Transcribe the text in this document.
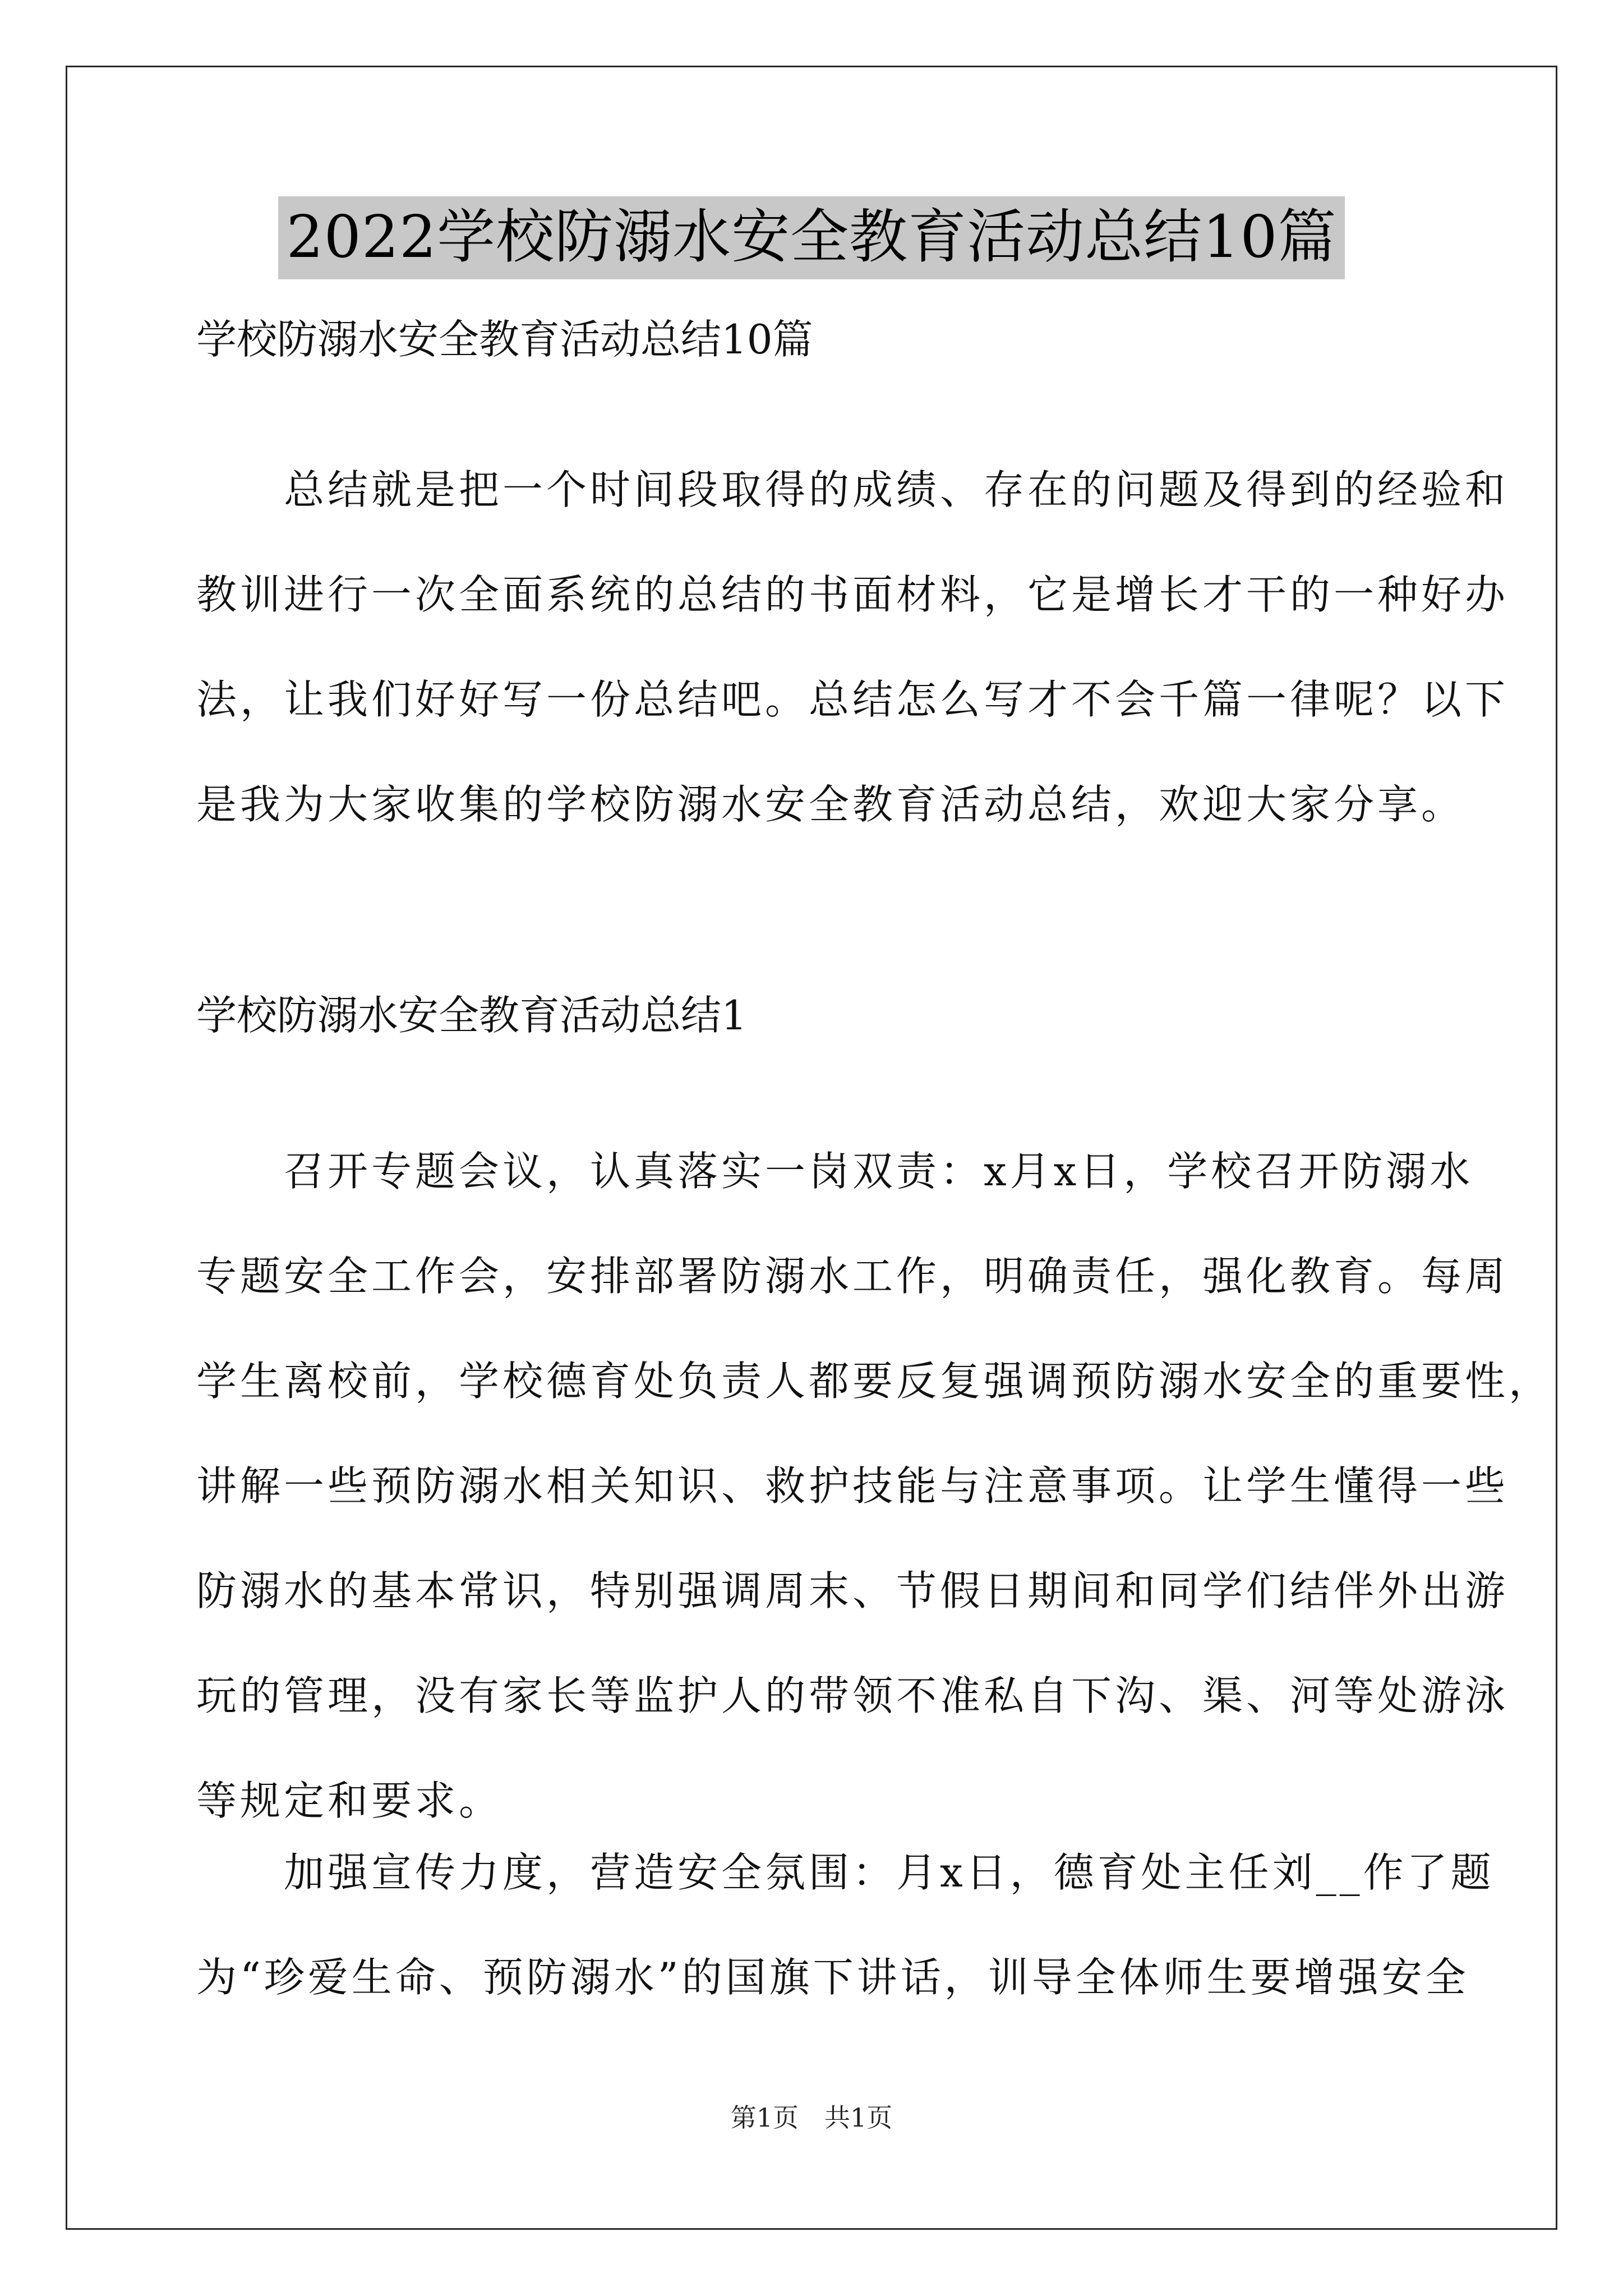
2022学校防溺水安全教育活动总结10篇
学校防溺水安全教育活动总结10篇
　　总结就是把一个时间段取得的成绩、存在的问题及得到的经验和
教训进行一次全面系统的总结的书面材料，它是增长才干的一种好办
法，让我们好好写一份总结吧。总结怎么写才不会千篇一律呢？以下
是我为大家收集的学校防溺水安全教育活动总结，欢迎大家分享。
学校防溺水安全教育活动总结1
　　召开专题会议，认真落实一岗双责：x月x日，学校召开防溺水
专题安全工作会，安排部署防溺水工作，明确责任，强化教育。每周
学生离校前，学校德育处负责人都要反复强调预防溺水安全的重要性，
讲解一些预防溺水相关知识、救护技能与注意事项。让学生懂得一些
防溺水的基本常识，特别强调周末、节假日期间和同学们结伴外出游
玩的管理，没有家长等监护人的带领不准私自下沟、渠、河等处游泳
等规定和要求。
　　加强宣传力度，营造安全氛围：月x日，德育处主任刘__作了题
为“珍爱生命、预防溺水”的国旗下讲话，训导全体师生要增强安全
第1页　共1页
